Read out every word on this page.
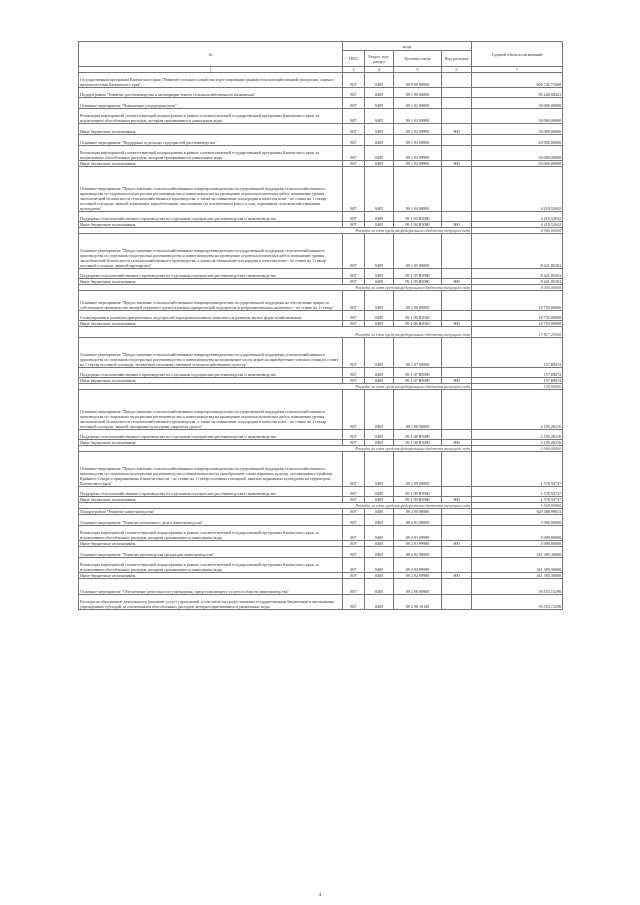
№	коды				Годовой объем ассигнований
	ГРБС	Раздел, под-раздел	Целевая статья	Вид расходов	
1	3	4	5	6	7
Государственная программа Камчатского края "Развитие сельского хозяйства и регулирование рынков сельскохозяйственной продукции, сырья и продовольствия Камчатского края"	807	0405	09 0 00 00000		606 741,73469
Подпрограмма "Развитие растениеводства и мелиорации земель сельскохозяйственного назначения"	807	0405	09 1 00 00000		85 226,68423
Основное мероприятие "Повышение плодородия почв"	807	0405	09 1 02 00000		30 000,00000
Реализация мероприятий соответствующей подпрограммы в рамках соответствующей государственной программы Камчатского края, за исключением обособленных расходов, которым присваиваются уникальные коды	807	0405	09 1 02 09990		30 000,00000
Иные бюджетные ассигнования	807	0405	09 1 02 09990	800	30 000,00000
Основное мероприятие "Поддержка отдельных подотраслей растениеводства"	807	0405	09 1 03 00000		20 000,00000
Реализация мероприятий соответствующей подпрограммы в рамках соответствующей государственной программы Камчатского края, за исключением обособленных расходов, которым присваиваются уникальные коды	807	0405	09 1 03 09990		20 000,00000
Иные бюджетные ассигнования	807	0405	09 1 03 09990	800	20 000,00000
Основное мероприятие "Предоставление сельскохозяйственным товаропроизводителям государственной поддержки сельскохозяйственного производства по отдельным подотраслям растениеводства и животноводства на проведение агротехнологических работ, повышение уровня экологической безопасности сельскохозяйственного производства, а также на повышение плодородия и качества почв - по ставке на 1 гектар посевной площади, занятой зерновыми, зернобобовыми, масличными (за исключением рапса и сои), кормовыми сельскохозяйственными культурами"	807	0405	09 1 04 00000		4 210,52632
Поддержка сельскохозяйственного производства по отдельным подотраслям растениеводства и животноводства	807	0405	09 1 04 R5080		4 210,52632
Иные бюджетные ассигнования	807	0405	09 1 04 R5080	800	4 210,52632
Расходы за счет средств федерального бюджета текущего года					4 000,00000
Основное мероприятие "Предоставление сельскохозяйственным товаропроизводителям государственной поддержки сельскохозяйственного производства по отдельным подотраслям растениеводства и животноводства на проведение агротехнологических работ, повышение уровня экологической безопасности сельскохозяйственного производства, а также на повышение плодородия и качества почв - по ставке на 1 гектар посевной площади, занятой картофелем"	807	0405	09 1 05 00000		8 421,05263
Поддержка сельскохозяйственного производства по отдельным подотраслям растениеводства и животноводства	807	0405	09 1 05 R5080		8 421,05263
Иные бюджетные ассигнования	807	0405	09 1 05 R5080	800	8 421,05263
Расходы за счет средств федерального бюджета текущего года					8 000,00000
Основное мероприятие "Предоставление сельскохозяйственным товаропроизводителям государственной поддержки на обеспечение прироста собственного производства овощей открытого грунта в рамках приоритетной подотрасли агропромышленного комплекса - по ставке на 1 гектар"	807	0405	09 1 06 00000		18 755,00000
Стимулирование развития приоритетных подотраслей агропромышленного комплекса и развитие малых форм хозяйствования	807	0405	09 1 06 R5020		18 755,00000
Иные бюджетные ассигнования	807	0405	09 1 06 R5020	800	18 755,00000
Расходы за счет средств федерального бюджета текущего года					17 817,25000
Основное мероприятие "Предоставление сельскохозяйственным товаропроизводителям государственной поддержки сельскохозяйственного производства по отдельным подотраслям растениеводства и животноводства на возмещение части затрат на приобретение элитных семян по ставке на 1 гектар посевной площади, засеваемой элитными семенами сельскохозяйственных культур"	807	0405	09 1 07 00000		157,89474
Поддержка сельскохозяйственного производства по отдельным подотраслям растениеводства и животноводства	807	0405	09 1 07 R5080		157,89474
Иные бюджетные ассигнования	807	0405	09 1 07 R5080	800	157,89474
Расходы за счет средств федерального бюджета текущего года					150,00000
Основное мероприятие "Предоставление сельскохозяйственным товаропроизводителям государственной поддержки сельскохозяйственного производства по отдельным подотраслям растениеводства и животноводства на проведение агротехнологических работ, повышение уровня экологической безопасности сельскохозяйственного производства, а также на повышение плодородия и качества почв - по ставке на 1 гектар посевной площади, занятой овощными культурами открытого грунта"	807	0405	09 1 08 00000		2 105,26316
Поддержка сельскохозяйственного производства по отдельным подотраслям растениеводства и животноводства	807	0405	09 1 08 R5080		2 105,26316
Иные бюджетные ассигнования	807	0405	09 1 08 R5080	800	2 105,26316
Расходы за счет средств федерального бюджета текущего года					2 000,00000
Основное мероприятие "Предоставление сельскохозяйственным товаропроизводителям государственной поддержки сельскохозяйственного производства по отдельным подотраслям растениеводства и животноводства на приобретение семян кормовых культур, поставляемых в районы Крайнего Севера и приравненные к ним местности - по ставке на 1 гектар посевных площадей, занятых кормовыми культурами на территории Камчатского края"	807	0405	09 1 09 00000		1 578,94737
Поддержка сельскохозяйственного производства по отдельным подотраслям растениеводства и животноводства	807	0405	09 1 09 R5080		1 578,94737
Иные бюджетные ассигнования	807	0405	09 1 09 R5080	800	1 578,94737
Расходы за счет средств федерального бюджета текущего года					1 500,00000
Подпрограмма "Развитие животноводства"	807	0405	09 2 00 00000		620 468,99613
Основное мероприятие "Развитие племенного дела в животноводстве"	807	0405	09 2 01 00000		5 000,00000
Реализация мероприятий соответствующей подпрограммы в рамках соответствующей государственной программы Камчатского края, за исключением обособленных расходов, которым присваиваются уникальные коды	807	0405	09 2 01 09990		5 000,00000
Иные бюджетные ассигнования	807	0405	09 2 01 09990	800	5 000,00000
Основное мероприятие "Развитие производства продукции животноводства"	807	0405	09 2 02 00000		341 385,30000
Реализация мероприятий соответствующей подпрограммы в рамках соответствующей государственной программы Камчатского края, за исключением обособленных расходов, которым присваиваются уникальные коды	807	0405	09 2 02 09990		341 385,30000
Иные бюджетные ассигнования	807	0405	09 2 02 09990	800	341 385,30000
Основное мероприятие "Обеспечение деятельности учреждения, предоставляющего услуги в области животноводства"	807	0405	09 2 06 00000		39 553,15298
Расходы на обеспечение деятельности (оказание услуг) учреждений, в том числе на предоставление государственным бюджетным и автономным учреждениям субсидий, за исключением обособленных расходов, которым присваиваются уникальные коды	807	0405	09 2 06 10140		39 553,15298
4
